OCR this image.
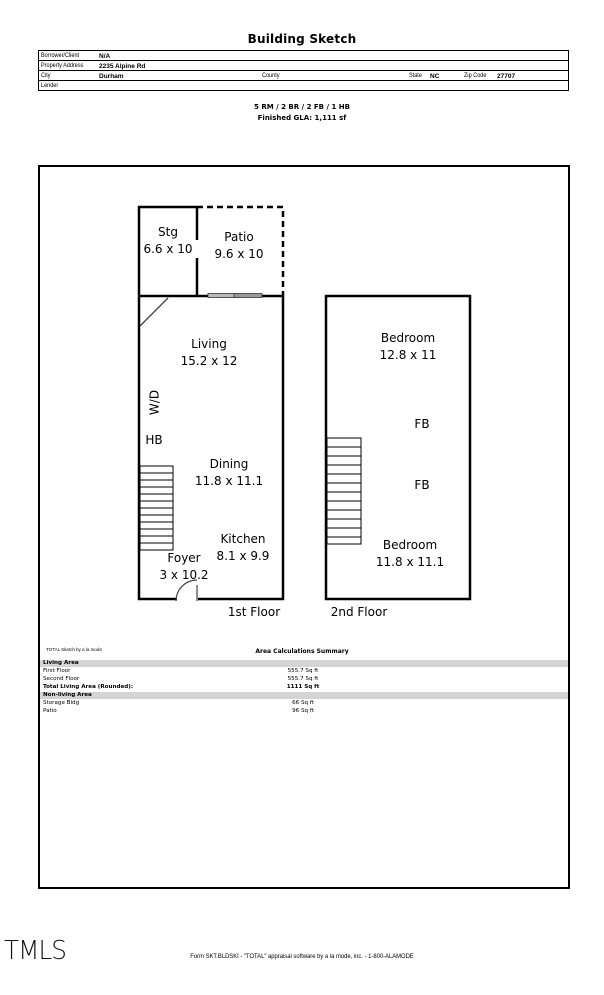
Building Sketch
Borrower/Client	N/A
Property Address 2235 Alpine Rd
City	Durham	County	State NC	Zip Code 27707
Lender
5 RM / 2 BR / 2 FB / 1 HB
Finished GLA: 1,111 sf
Stg
6.6 x 10
Patio
9.6 x 10
Living
15.2 x 12
Dining
11.8 x 11.1
Kitchen
8.1 x 9.9
Foyer
3 x 10.2
W/D
HB
1st Floor
Bedroom
12.8 x 11
Bedroom
11.8 x 11.1
FB
FB
2nd Floor
TOTAL Sketch by a la mode	Area Calculations Summary
Living Area
First Floor	555.7 Sq ft
Second Floor	555.7 Sq ft
Total Living Area (Rounded):	1111 Sq ft
Non-living Area
Storage Bldg	66 Sq ft
Patio	96 Sq ft
TMLS	Form SKT.BLDSKI - "TOTAL" appraisal software by a la mode, inc. - 1-800-ALAMODE
